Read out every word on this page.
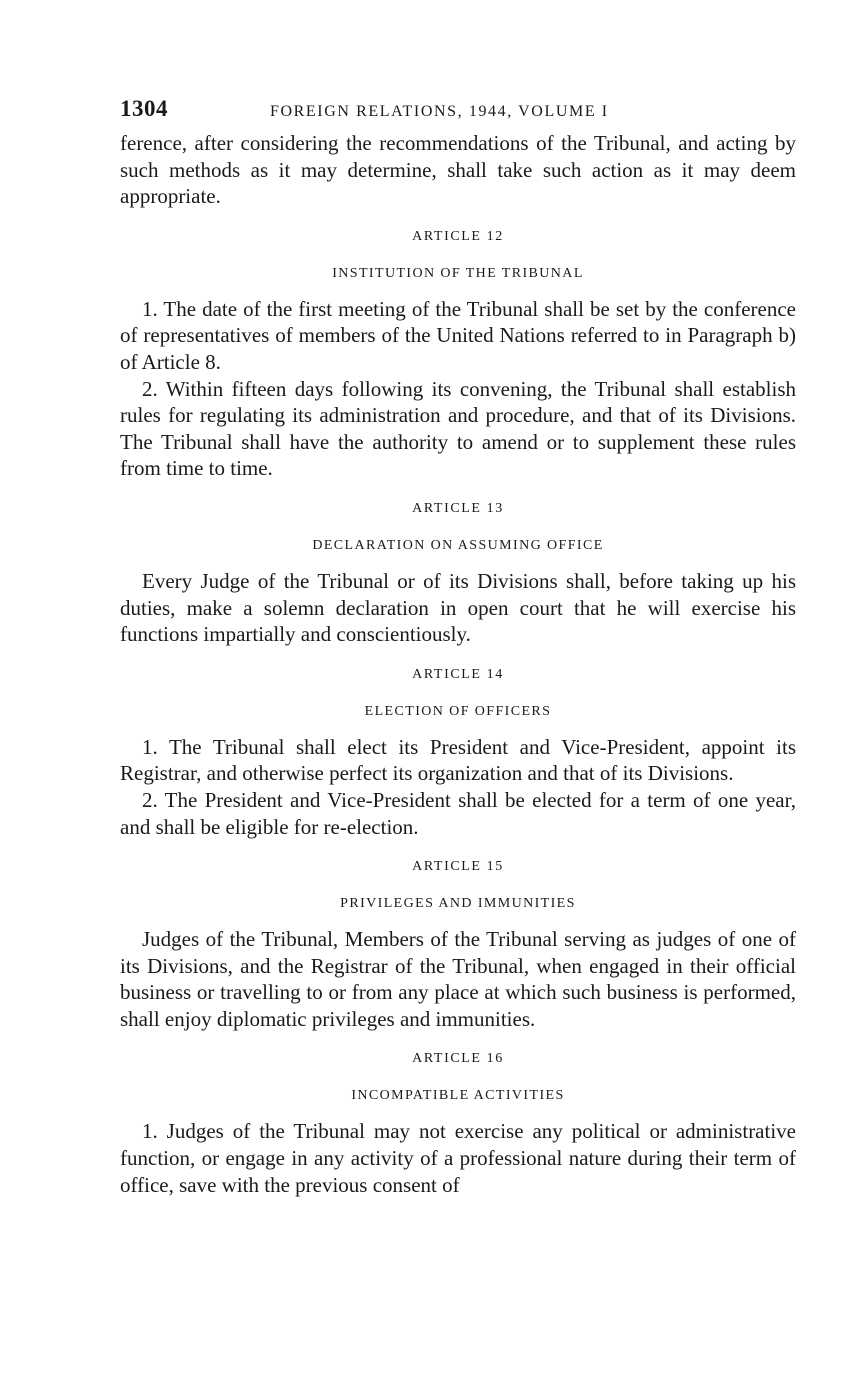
1304	FOREIGN RELATIONS, 1944, VOLUME I

ference, after considering the recommendations of the Tribunal, and acting by such methods as it may determine, shall take such action as it may deem appropriate.

ARTICLE 12
INSTITUTION OF THE TRIBUNAL

1. The date of the first meeting of the Tribunal shall be set by the conference of representatives of members of the United Nations referred to in Paragraph b) of Article 8.

2. Within fifteen days following its convening, the Tribunal shall establish rules for regulating its administration and procedure, and that of its Divisions. The Tribunal shall have the authority to amend or to supplement these rules from time to time.

ARTICLE 13
DECLARATION ON ASSUMING OFFICE

Every Judge of the Tribunal or of its Divisions shall, before taking up his duties, make a solemn declaration in open court that he will exercise his functions impartially and conscientiously.

ARTICLE 14
ELECTION OF OFFICERS

1. The Tribunal shall elect its President and Vice-President, appoint its Registrar, and otherwise perfect its organization and that of its Divisions.

2. The President and Vice-President shall be elected for a term of one year, and shall be eligible for re-election.

ARTICLE 15
PRIVILEGES AND IMMUNITIES

Judges of the Tribunal, Members of the Tribunal serving as judges of one of its Divisions, and the Registrar of the Tribunal, when engaged in their official business or travelling to or from any place at which such business is performed, shall enjoy diplomatic privileges and immunities.

ARTICLE 16
INCOMPATIBLE ACTIVITIES

1. Judges of the Tribunal may not exercise any political or administrative function, or engage in any activity of a professional nature during their term of office, save with the previous consent of
